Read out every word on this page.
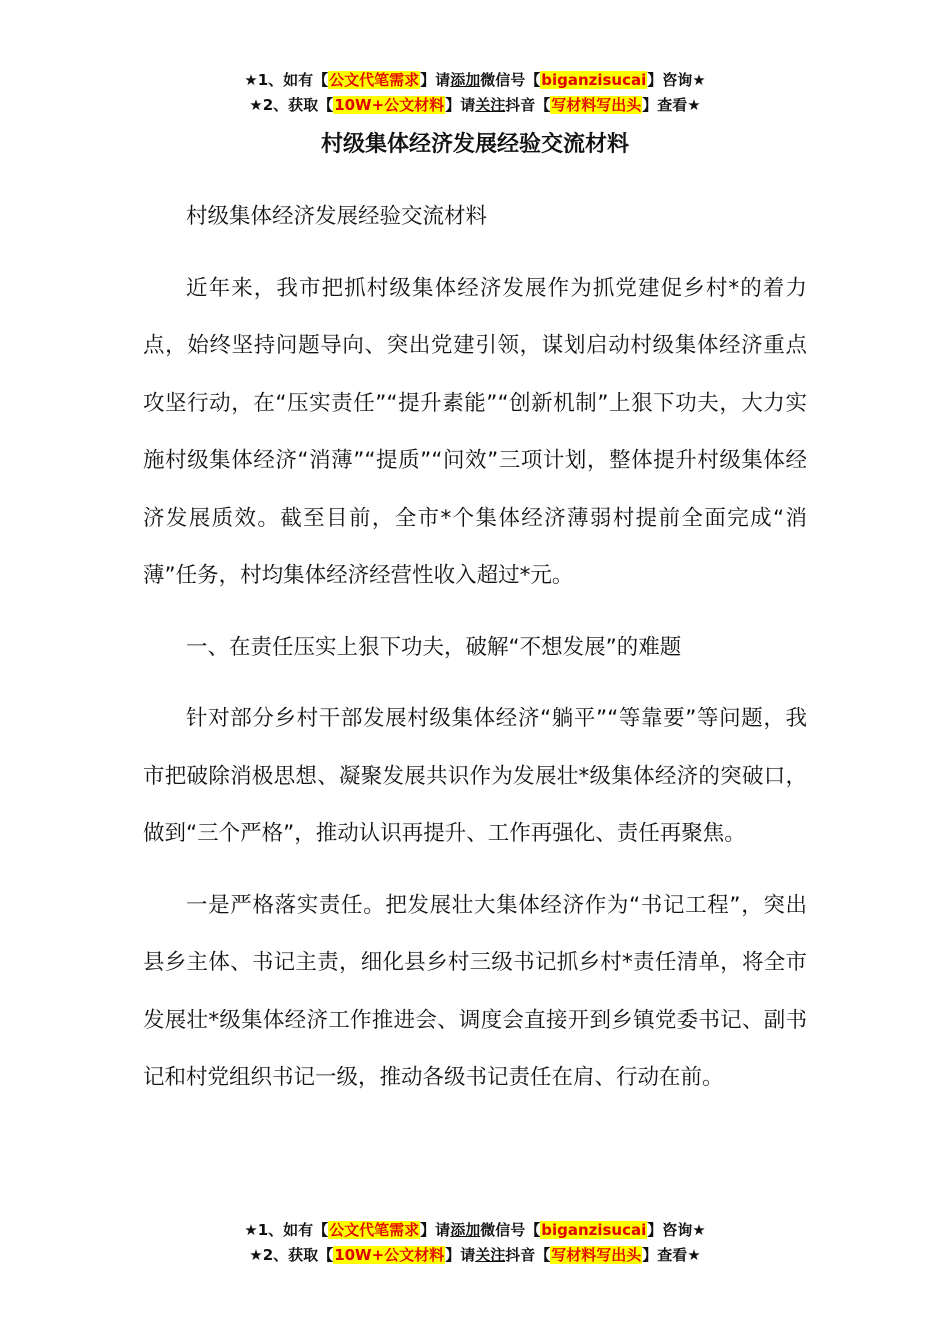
★1、如有【公文代笔需求】请添加微信号【biganzisucai】咨询★
★2、获取【10W+公文材料】请关注抖音【写材料写出头】查看★
村级集体经济发展经验交流材料

村级集体经济发展经验交流材料

近年来，我市把抓村级集体经济发展作为抓党建促乡村*的着力点，始终坚持问题导向、突出党建引领，谋划启动村级集体经济重点攻坚行动，在“压实责任”“提升素能”“创新机制”上狠下功夫，大力实施村级集体经济“消薄”“提质”“问效”三项计划，整体提升村级集体经济发展质效。截至目前，全市*个集体经济薄弱村提前全面完成“消薄”任务，村均集体经济经营性收入超过*元。

一、在责任压实上狠下功夫，破解“不想发展”的难题

针对部分乡村干部发展村级集体经济“躺平”“等靠要”等问题，我市把破除消极思想、凝聚发展共识作为发展壮*级集体经济的突破口，做到“三个严格”，推动认识再提升、工作再强化、责任再聚焦。

一是严格落实责任。把发展壮大集体经济作为“书记工程”，突出县乡主体、书记主责，细化县乡村三级书记抓乡村*责任清单，将全市发展壮*级集体经济工作推进会、调度会直接开到乡镇党委书记、副书记和村党组织书记一级，推动各级书记责任在肩、行动在前。

★1、如有【公文代笔需求】请添加微信号【biganzisucai】咨询★
★2、获取【10W+公文材料】请关注抖音【写材料写出头】查看★
